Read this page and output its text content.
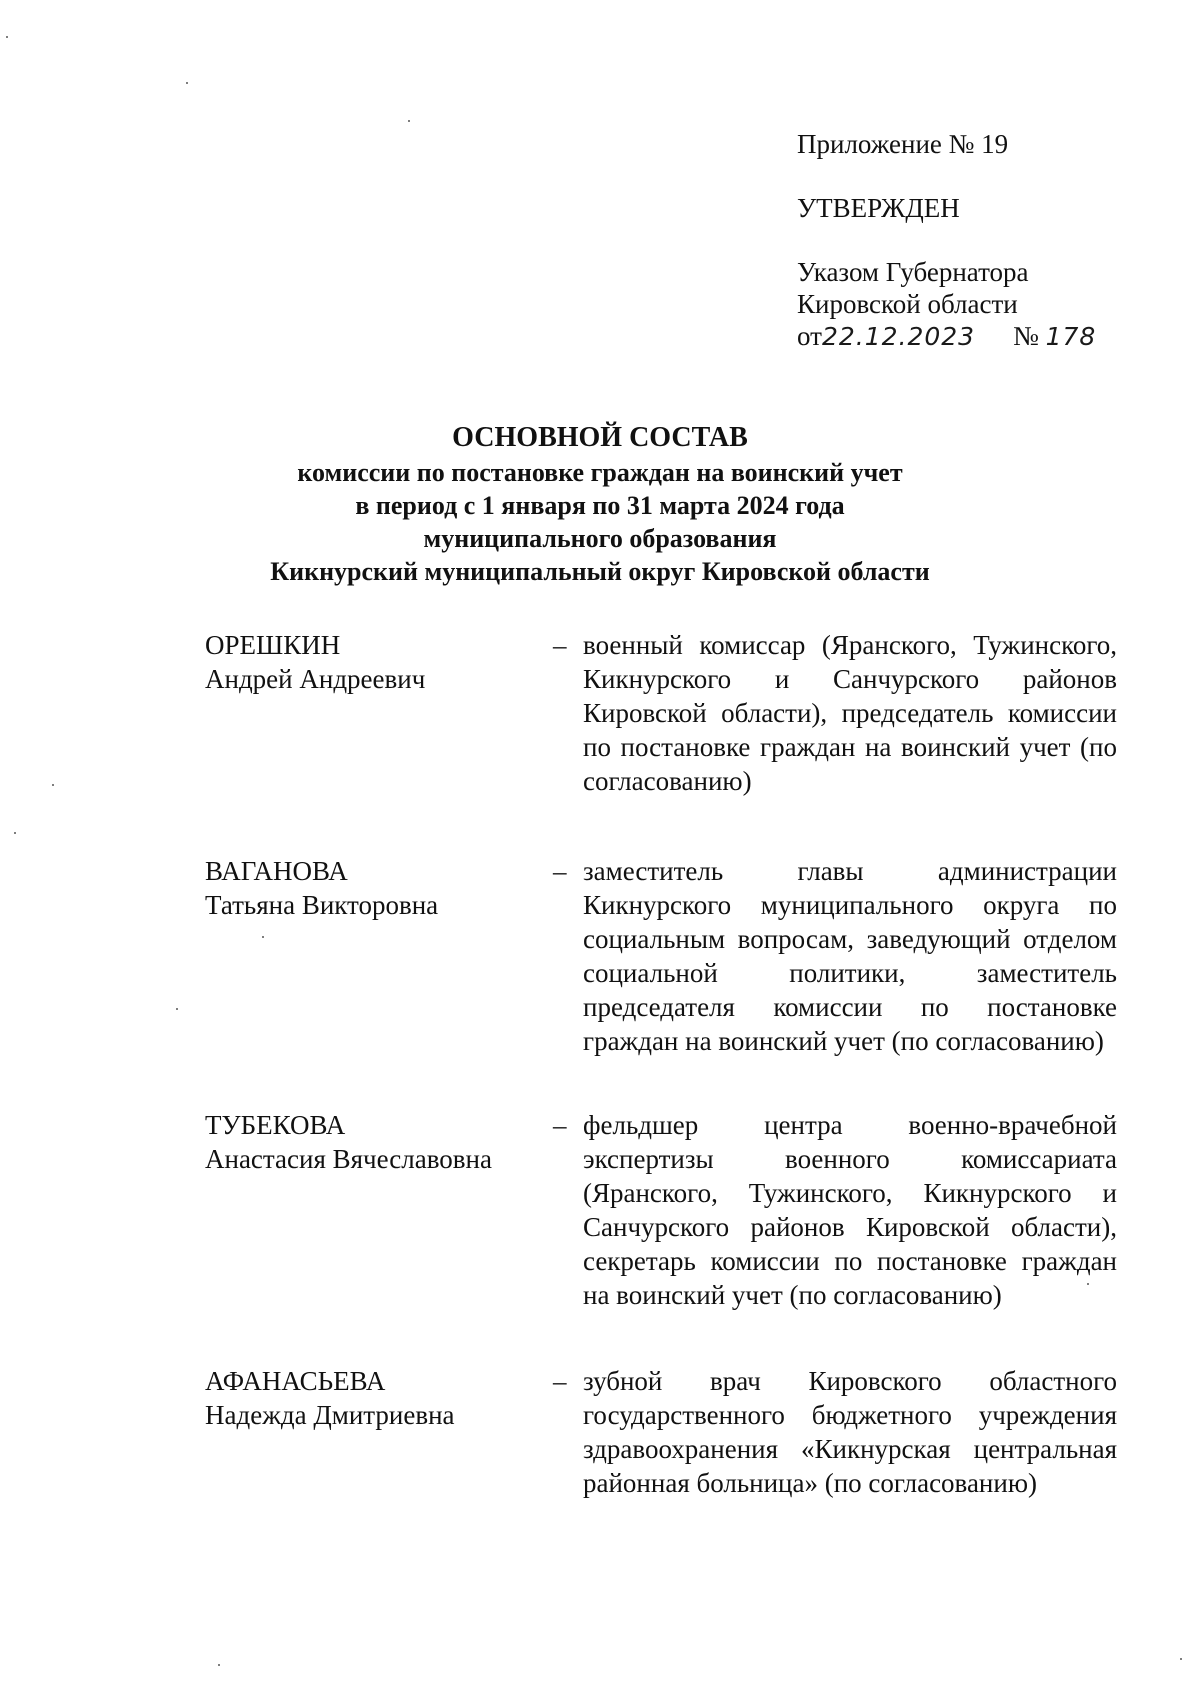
Приложение № 19
УТВЕРЖДЕН
Указом Губернатора
Кировской области
от22.12.2023 № 178
ОСНОВНОЙ СОСТАВ
комиссии по постановке граждан на воинский учет
в период с 1 января по 31 марта 2024 года
муниципального образования
Кикнурский муниципальный округ Кировской области
ОРЕШКИН
Андрей Андреевич
– военный комиссар (Яранского, Тужинского, Кикнурского и Санчурского районов Кировской области), председатель комиссии по постановке граждан на воинский учет (по согласованию)
ВАГАНОВА
Татьяна Викторовна
– заместитель главы администрации Кикнурского муниципального округа по социальным вопросам, заведующий отделом социальной политики, заместитель председателя комиссии по постановке граждан на воинский учет (по согласованию)
ТУБЕКОВА
Анастасия Вячеславовна
– фельдшер центра военно-врачебной экспертизы военного комиссариата (Яранского, Тужинского, Кикнурского и Санчурского районов Кировской области), секретарь комиссии по постановке граждан на воинский учет (по согласованию)
АФАНАСЬЕВА
Надежда Дмитриевна
– зубной врач Кировского областного государственного бюджетного учреждения здравоохранения «Кикнурская центральная районная больница» (по согласованию)
